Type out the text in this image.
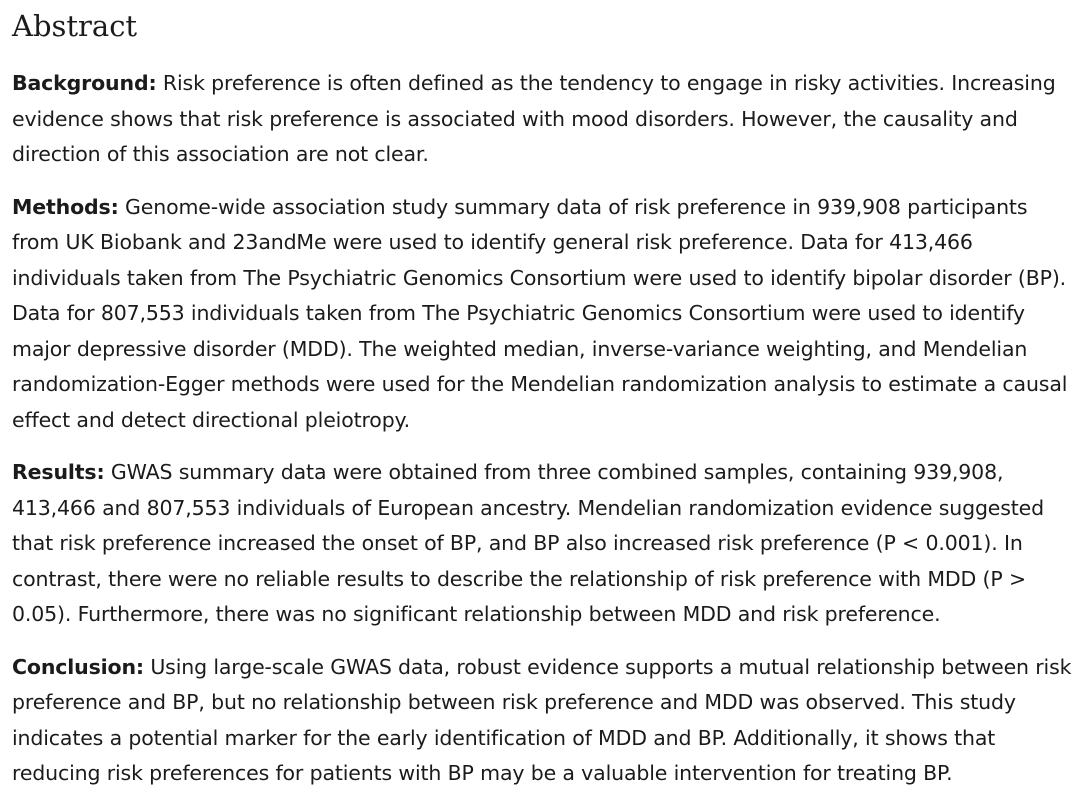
Abstract

Background: Risk preference is often defined as the tendency to engage in risky activities. Increasing evidence shows that risk preference is associated with mood disorders. However, the causality and direction of this association are not clear.

Methods: Genome-wide association study summary data of risk preference in 939,908 participants from UK Biobank and 23andMe were used to identify general risk preference. Data for 413,466 individuals taken from The Psychiatric Genomics Consortium were used to identify bipolar disorder (BP). Data for 807,553 individuals taken from The Psychiatric Genomics Consortium were used to identify major depressive disorder (MDD). The weighted median, inverse-variance weighting, and Mendelian randomization-Egger methods were used for the Mendelian randomization analysis to estimate a causal effect and detect directional pleiotropy.

Results: GWAS summary data were obtained from three combined samples, containing 939,908, 413,466 and 807,553 individuals of European ancestry. Mendelian randomization evidence suggested that risk preference increased the onset of BP, and BP also increased risk preference (P < 0.001). In contrast, there were no reliable results to describe the relationship of risk preference with MDD (P > 0.05). Furthermore, there was no significant relationship between MDD and risk preference.

Conclusion: Using large-scale GWAS data, robust evidence supports a mutual relationship between risk preference and BP, but no relationship between risk preference and MDD was observed. This study indicates a potential marker for the early identification of MDD and BP. Additionally, it shows that reducing risk preferences for patients with BP may be a valuable intervention for treating BP.
